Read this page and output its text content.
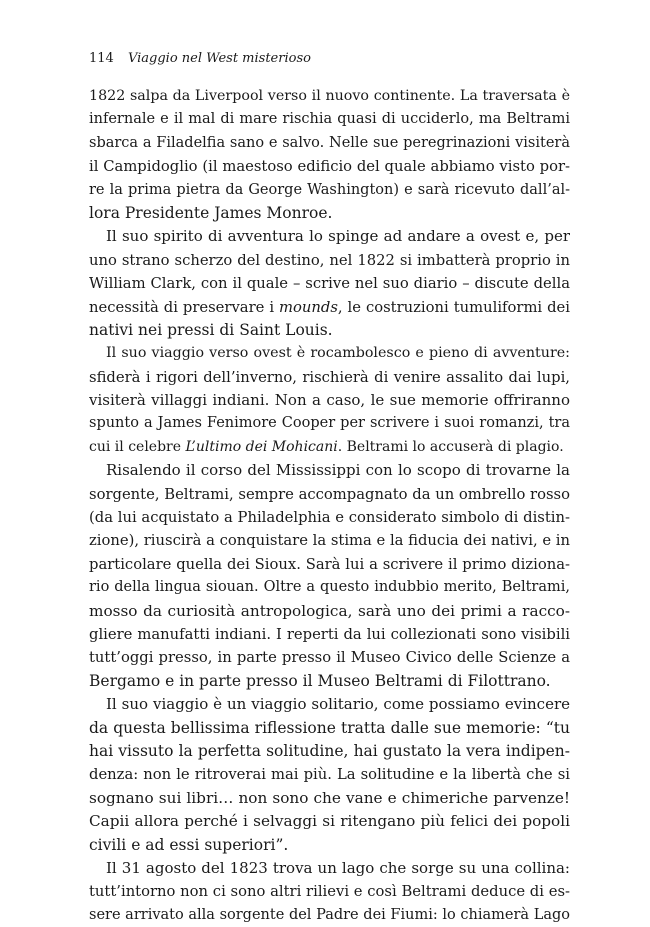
114 Viaggio nel West misterioso
1822 salpa da Liverpool verso il nuovo continente. La traversata è
infernale e il mal di mare rischia quasi di ucciderlo, ma Beltrami
sbarca a Filadelfia sano e salvo. Nelle sue peregrinazioni visiterà
il Campidoglio (il maestoso edificio del quale abbiamo visto por-
re la prima pietra da George Washington) e sarà ricevuto dall’al-
lora Presidente James Monroe.
Il suo spirito di avventura lo spinge ad andare a ovest e, per
uno strano scherzo del destino, nel 1822 si imbatterà proprio in
William Clark, con il quale – scrive nel suo diario – discute della
necessità di preservare i mounds, le costruzioni tumuliformi dei
nativi nei pressi di Saint Louis.
Il suo viaggio verso ovest è rocambolesco e pieno di avventure:
sfiderà i rigori dell’inverno, rischierà di venire assalito dai lupi,
visiterà villaggi indiani. Non a caso, le sue memorie offriranno
spunto a James Fenimore Cooper per scrivere i suoi romanzi, tra
cui il celebre L’ultimo dei Mohicani. Beltrami lo accuserà di plagio.
Risalendo il corso del Mississippi con lo scopo di trovarne la
sorgente, Beltrami, sempre accompagnato da un ombrello rosso
(da lui acquistato a Philadelphia e considerato simbolo di distin-
zione), riuscirà a conquistare la stima e la fiducia dei nativi, e in
particolare quella dei Sioux. Sarà lui a scrivere il primo diziona-
rio della lingua siouan. Oltre a questo indubbio merito, Beltrami,
mosso da curiosità antropologica, sarà uno dei primi a racco-
gliere manufatti indiani. I reperti da lui collezionati sono visibili
tutt’oggi presso, in parte presso il Museo Civico delle Scienze a
Bergamo e in parte presso il Museo Beltrami di Filottrano.
Il suo viaggio è un viaggio solitario, come possiamo evincere
da questa bellissima riflessione tratta dalle sue memorie: “tu
hai vissuto la perfetta solitudine, hai gustato la vera indipen-
denza: non le ritroverai mai più. La solitudine e la libertà che si
sognano sui libri… non sono che vane e chimeriche parvenze!
Capii allora perché i selvaggi si ritengano più felici dei popoli
civili e ad essi superiori”.
Il 31 agosto del 1823 trova un lago che sorge su una collina:
tutt’intorno non ci sono altri rilievi e così Beltrami deduce di es-
sere arrivato alla sorgente del Padre dei Fiumi: lo chiamerà Lago
